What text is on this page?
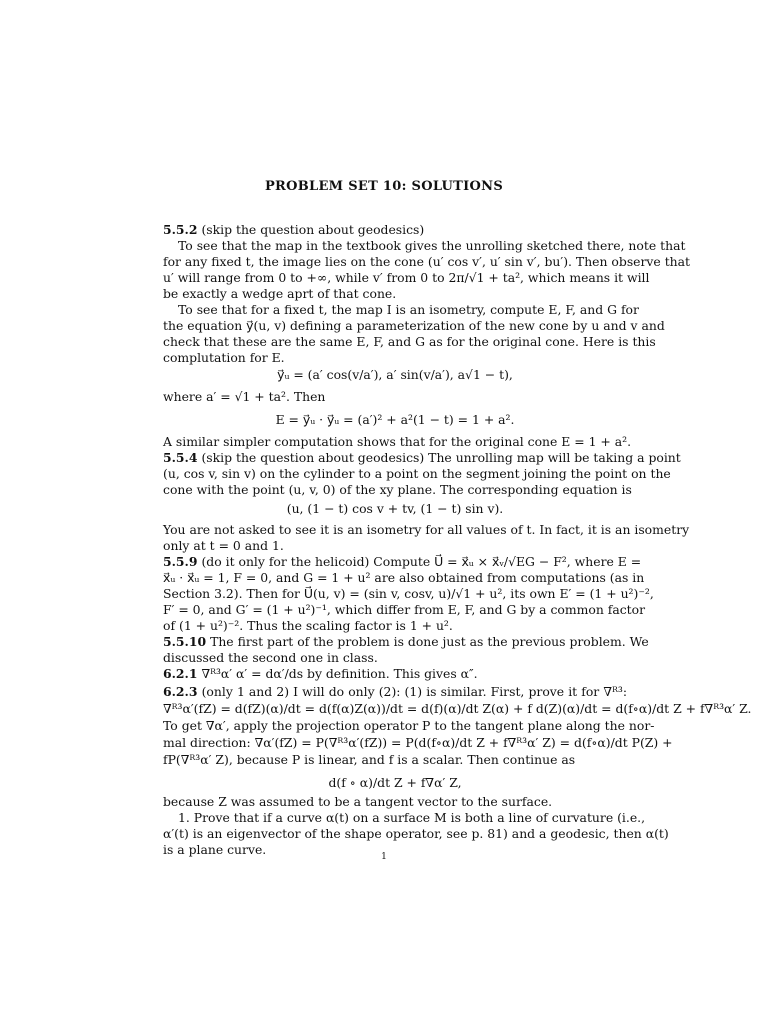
PROBLEM SET 10: SOLUTIONS
5.5.2 (skip the question about geodesics)
To see that the map in the textbook gives the unrolling sketched there, note that
for any fixed t, the image lies on the cone (u′ cos v′, u′ sin v′, bu′). Then observe that
u′ will range from 0 to +∞, while v′ from 0 to 2π/√1 + ta², which means it will
be exactly a wedge aprt of that cone.
To see that for a fixed t, the map I is an isometry, compute E, F, and G for
the equation y⃗(u, v) defining a parameterization of the new cone by u and v and
check that these are the same E, F, and G as for the original cone. Here is this
complutation for E.
y⃗ᵤ = (a′ cos(v/a′), a′ sin(v/a′), a√1 − t),
where a′ = √1 + ta². Then
E = y⃗ᵤ · y⃗ᵤ = (a′)² + a²(1 − t) = 1 + a².
A similar simpler computation shows that for the original cone E = 1 + a².
5.5.4 (skip the question about geodesics) The unrolling map will be taking a point
(u, cos v, sin v) on the cylinder to a point on the segment joining the point on the
cone with the point (u, v, 0) of the xy plane. The corresponding equation is
(u, (1 − t) cos v + tv, (1 − t) sin v).
You are not asked to see it is an isometry for all values of t. In fact, it is an isometry
only at t = 0 and 1.
5.5.9 (do it only for the helicoid) Compute U⃗ = x⃗ᵤ × x⃗ᵥ/√EG − F², where E =
x⃗ᵤ · x⃗ᵤ = 1, F = 0, and G = 1 + u² are also obtained from computations (as in
Section 3.2). Then for U⃗(u, v) = (sin v, cosv, u)/√1 + u², its own E′ = (1 + u²)⁻²,
F′ = 0, and G′ = (1 + u²)⁻¹, which differ from E, F, and G by a common factor
of (1 + u²)⁻². Thus the scaling factor is 1 + u².
5.5.10 The first part of the problem is done just as the previous problem. We
discussed the second one in class.
6.2.1 ∇ᴿ³α′ α′ = dα′/ds by definition. This gives α″.
6.2.3 (only 1 and 2) I will do only (2): (1) is similar. First, prove it for ∇ᴿ³:
∇ᴿ³α′(fZ) = d(fZ)(α)/dt = d(f(α)Z(α))/dt = d(f)(α)/dt Z(α) + f d(Z)(α)/dt = d(f∘α)/dt Z + f∇ᴿ³α′ Z.
To get ∇α′, apply the projection operator P to the tangent plane along the nor-
mal direction: ∇α′(fZ) = P(∇ᴿ³α′(fZ)) = P(d(f∘α)/dt Z + f∇ᴿ³α′ Z) = d(f∘α)/dt P(Z) +
fP(∇ᴿ³α′ Z), because P is linear, and f is a scalar. Then continue as
d(f ∘ α)/dt Z + f∇α′ Z,
because Z was assumed to be a tangent vector to the surface.
1. Prove that if a curve α(t) on a surface M is both a line of curvature (i.e.,
α′(t) is an eigenvector of the shape operator, see p. 81) and a geodesic, then α(t)
is a plane curve.	1
